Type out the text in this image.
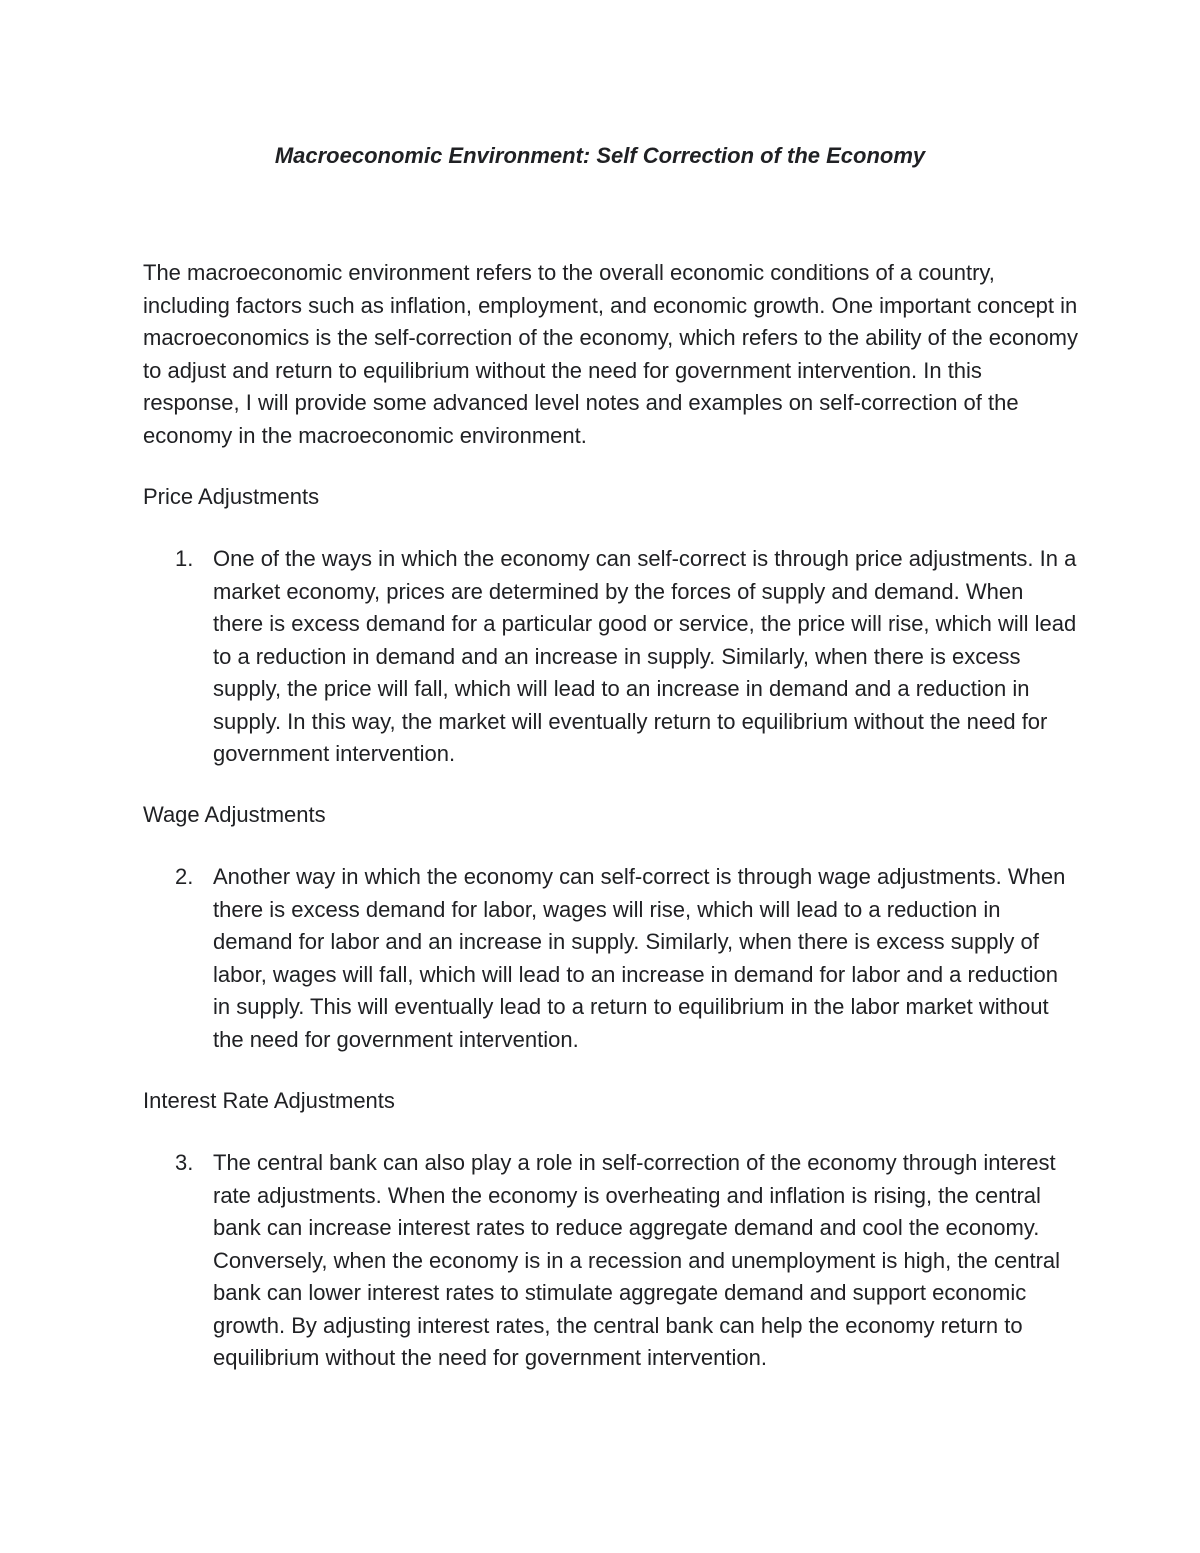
Macroeconomic Environment: Self Correction of the Economy

The macroeconomic environment refers to the overall economic conditions of a country, including factors such as inflation, employment, and economic growth. One important concept in macroeconomics is the self-correction of the economy, which refers to the ability of the economy to adjust and return to equilibrium without the need for government intervention. In this response, I will provide some advanced level notes and examples on self-correction of the economy in the macroeconomic environment.

Price Adjustments
1. One of the ways in which the economy can self-correct is through price adjustments. In a market economy, prices are determined by the forces of supply and demand. When there is excess demand for a particular good or service, the price will rise, which will lead to a reduction in demand and an increase in supply. Similarly, when there is excess supply, the price will fall, which will lead to an increase in demand and a reduction in supply. In this way, the market will eventually return to equilibrium without the need for government intervention.
Wage Adjustments
2. Another way in which the economy can self-correct is through wage adjustments. When there is excess demand for labor, wages will rise, which will lead to a reduction in demand for labor and an increase in supply. Similarly, when there is excess supply of labor, wages will fall, which will lead to an increase in demand for labor and a reduction in supply. This will eventually lead to a return to equilibrium in the labor market without the need for government intervention.
Interest Rate Adjustments
3. The central bank can also play a role in self-correction of the economy through interest rate adjustments. When the economy is overheating and inflation is rising, the central bank can increase interest rates to reduce aggregate demand and cool the economy. Conversely, when the economy is in a recession and unemployment is high, the central bank can lower interest rates to stimulate aggregate demand and support economic growth. By adjusting interest rates, the central bank can help the economy return to equilibrium without the need for government intervention.
